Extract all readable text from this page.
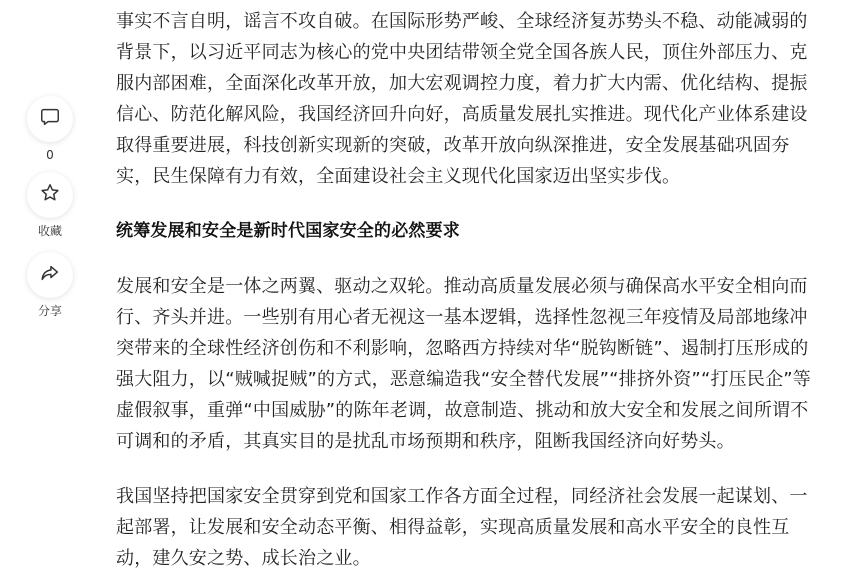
0
收藏
分享

事实不言自明，谣言不攻自破。在国际形势严峻、全球经济复苏势头不稳、动能减弱的背景下，以习近平同志为核心的党中央团结带领全党全国各族人民，顶住外部压力、克服内部困难，全面深化改革开放，加大宏观调控力度，着力扩大内需、优化结构、提振信心、防范化解风险，我国经济回升向好，高质量发展扎实推进。现代化产业体系建设取得重要进展，科技创新实现新的突破，改革开放向纵深推进，安全发展基础巩固夯实，民生保障有力有效，全面建设社会主义现代化国家迈出坚实步伐。

统筹发展和安全是新时代国家安全的必然要求

发展和安全是一体之两翼、驱动之双轮。推动高质量发展必须与确保高水平安全相向而行、齐头并进。一些别有用心者无视这一基本逻辑，选择性忽视三年疫情及局部地缘冲突带来的全球性经济创伤和不利影响，忽略西方持续对华“脱钩断链”、遏制打压形成的强大阻力，以“贼喊捉贼”的方式，恶意编造我“安全替代发展”“排挤外资”“打压民企”等虚假叙事，重弹“中国威胁”的陈年老调，故意制造、挑动和放大安全和发展之间所谓不可调和的矛盾，其真实目的是扰乱市场预期和秩序，阻断我国经济向好势头。

我国坚持把国家安全贯穿到党和国家工作各方面全过程，同经济社会发展一起谋划、一起部署，让发展和安全动态平衡、相得益彰，实现高质量发展和高水平安全的良性互动，建久安之势、成长治之业。
